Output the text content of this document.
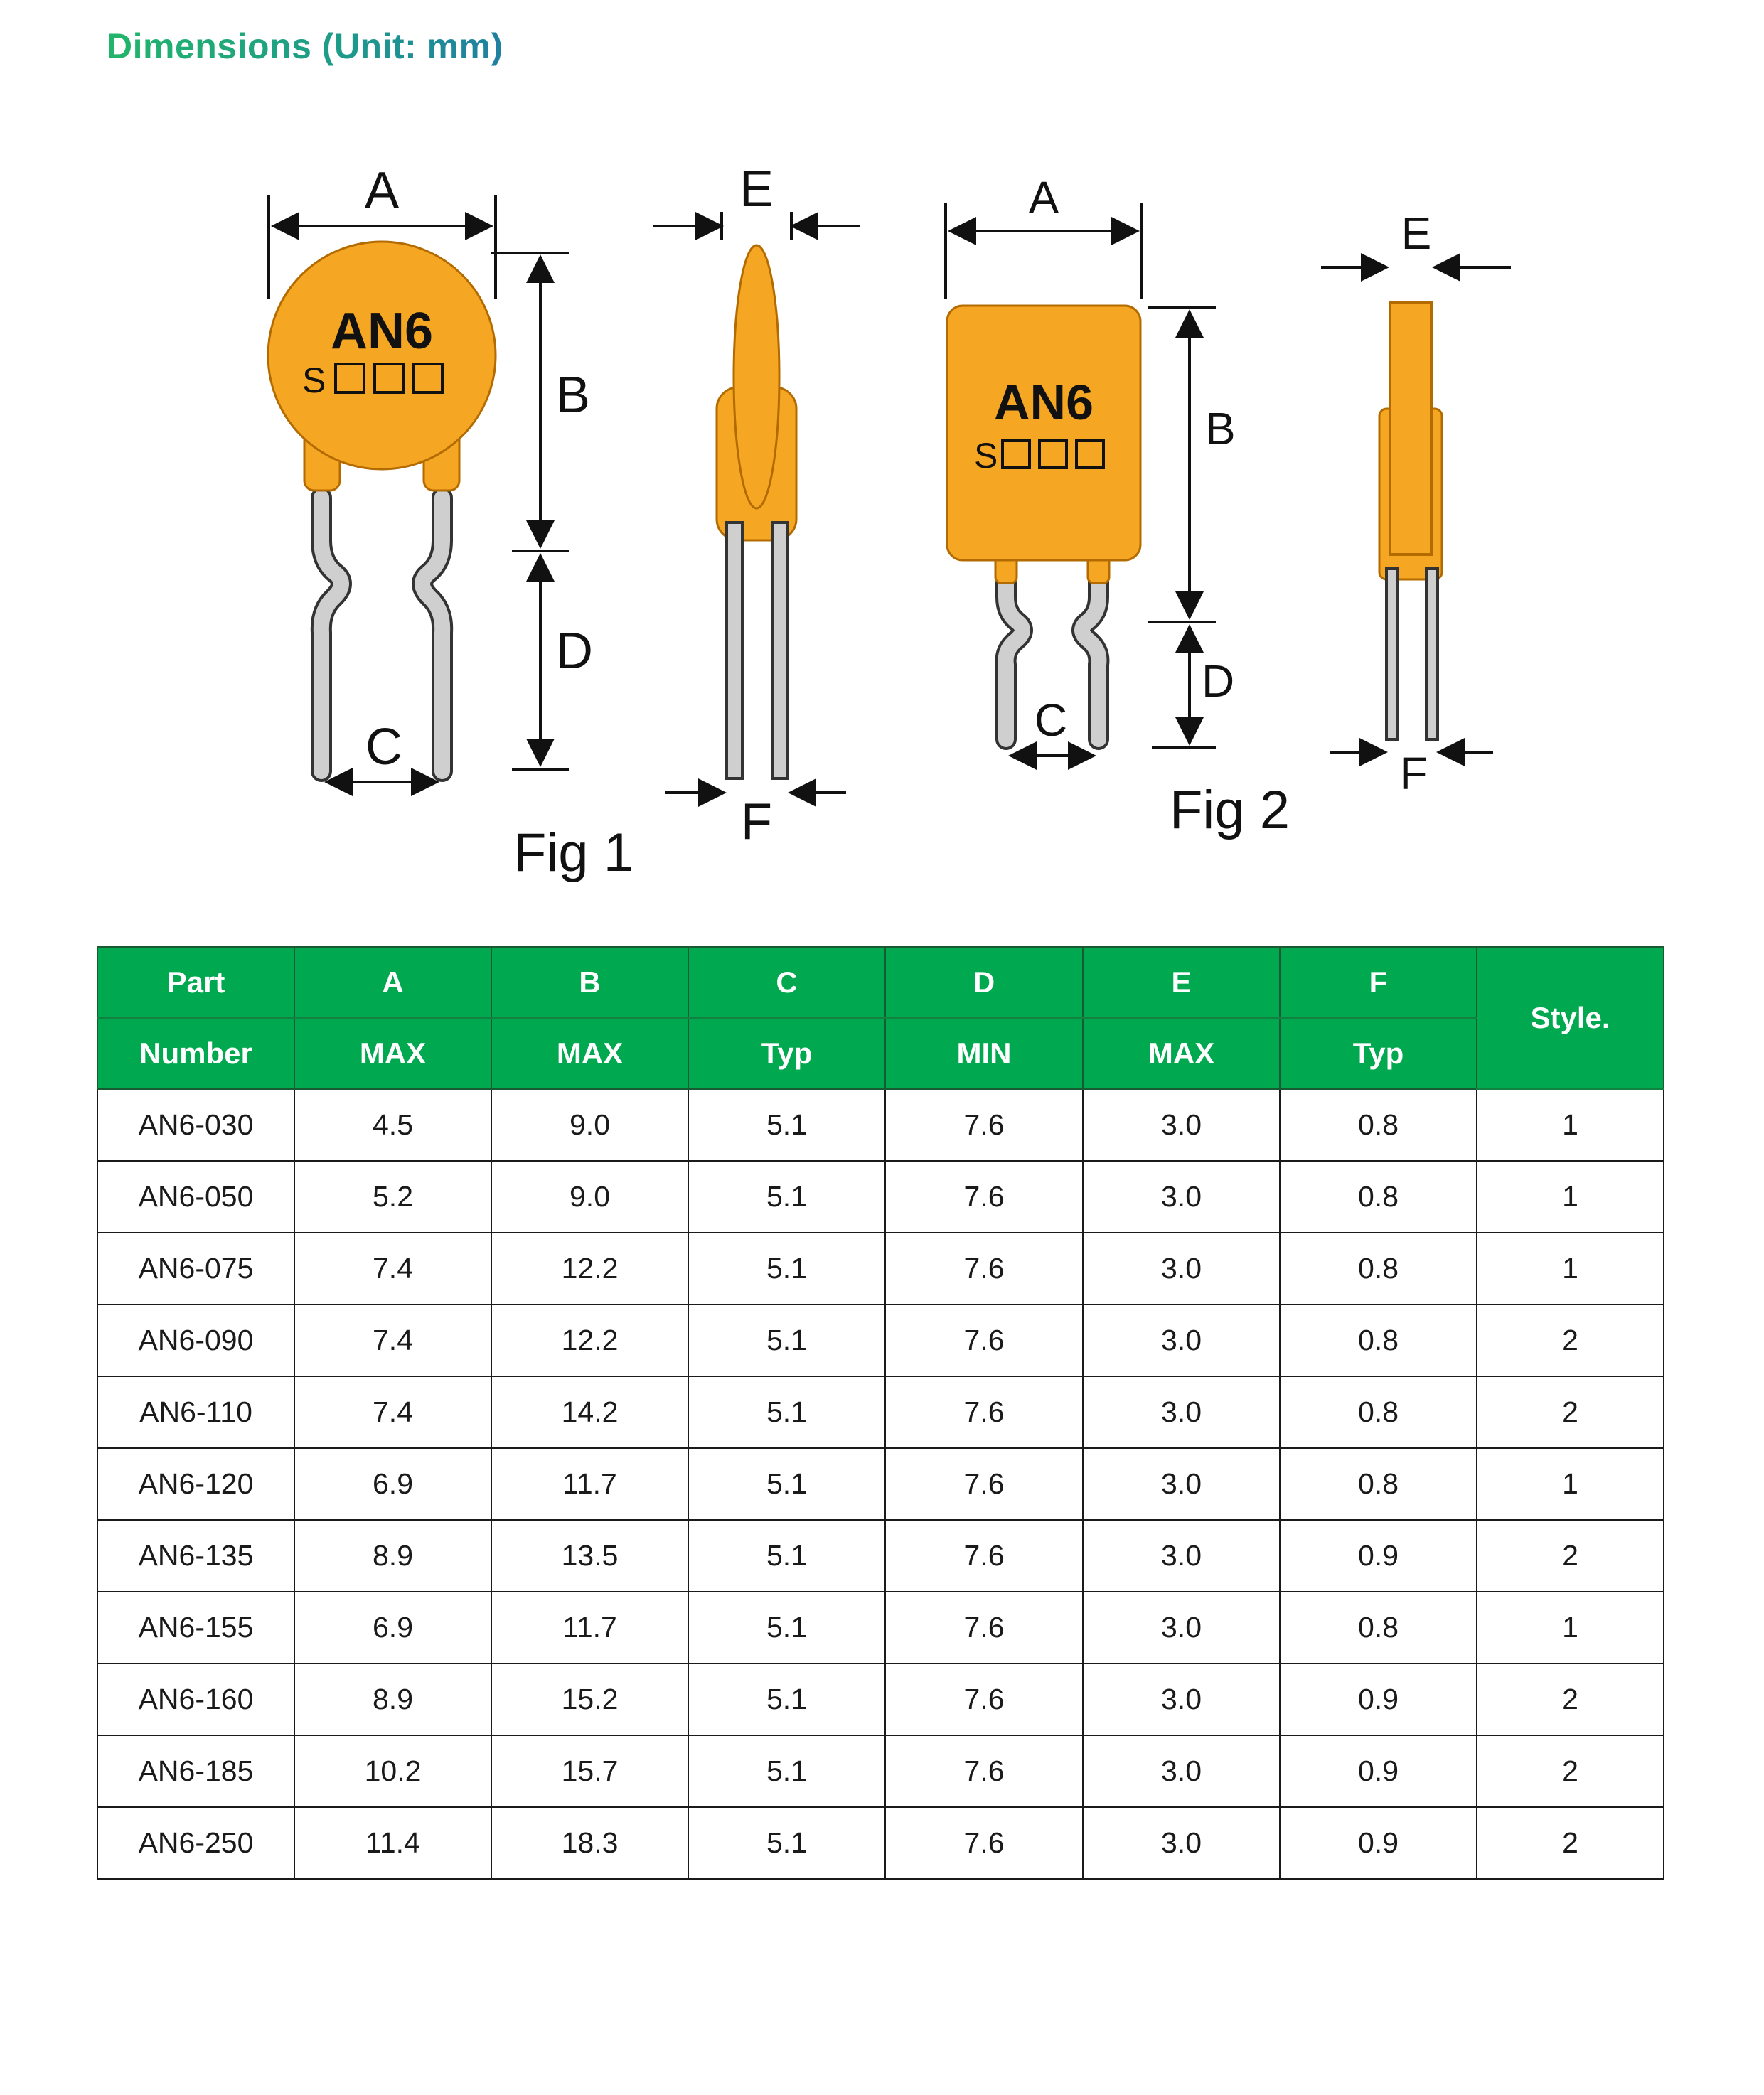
Dimensions (Unit: mm)
AN6
S
A
B
D
C
E
F
Fig 1
AN6
S
A
B
D
C
E
F
Fig 2
Part	A	B	C	D	E	F	Style.
Number	MAX	MAX	Typ	MIN	MAX	Typ	
AN6-030	4.5	9.0	5.1	7.6	3.0	0.8	1
AN6-050	5.2	9.0	5.1	7.6	3.0	0.8	1
AN6-075	7.4	12.2	5.1	7.6	3.0	0.8	1
AN6-090	7.4	12.2	5.1	7.6	3.0	0.8	2
AN6-110	7.4	14.2	5.1	7.6	3.0	0.8	2
AN6-120	6.9	11.7	5.1	7.6	3.0	0.8	1
AN6-135	8.9	13.5	5.1	7.6	3.0	0.9	2
AN6-155	6.9	11.7	5.1	7.6	3.0	0.8	1
AN6-160	8.9	15.2	5.1	7.6	3.0	0.9	2
AN6-185	10.2	15.7	5.1	7.6	3.0	0.9	2
AN6-250	11.4	18.3	5.1	7.6	3.0	0.9	2
